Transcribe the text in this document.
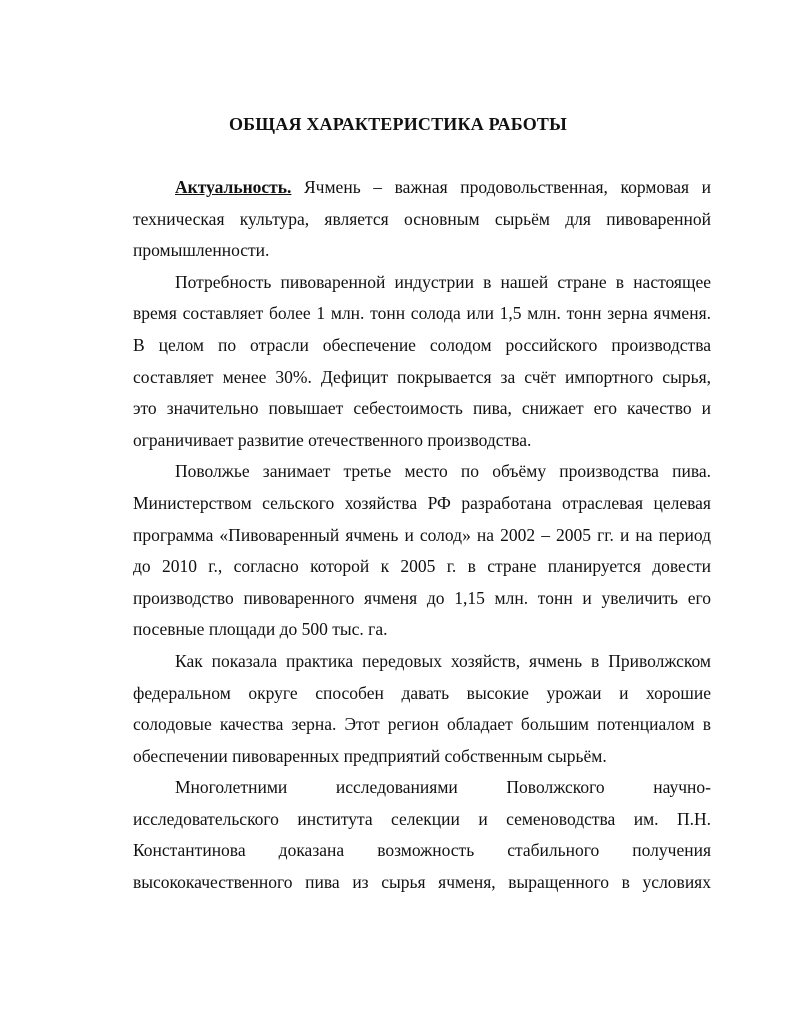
ОБЩАЯ ХАРАКТЕРИСТИКА РАБОТЫ
Актуальность. Ячмень – важная продовольственная, кормовая и
техническая культура, является основным сырьём для пивоваренной
промышленности.
Потребность пивоваренной индустрии в нашей стране в настоящее
время составляет более 1 млн. тонн солода или 1,5 млн. тонн зерна ячменя.
В целом по отрасли обеспечение солодом российского производства
составляет менее 30%. Дефицит покрывается за счёт импортного сырья,
это значительно повышает себестоимость пива, снижает его качество и
ограничивает развитие отечественного производства.
Поволжье занимает третье место по объёму производства пива.
Министерством сельского хозяйства РФ разработана отраслевая целевая
программа «Пивоваренный ячмень и солод» на 2002 – 2005 гг. и на период
до 2010 г., согласно которой к 2005 г. в стране планируется довести
производство пивоваренного ячменя до 1,15 млн. тонн и увеличить его
посевные площади до 500 тыс. га.
Как показала практика передовых хозяйств, ячмень в Приволжском
федеральном округе способен давать высокие урожаи и хорошие
солодовые качества зерна. Этот регион обладает большим потенциалом в
обеспечении пивоваренных предприятий собственным сырьём.
Многолетними исследованиями Поволжского научно-
исследовательского института селекции и семеноводства им. П.Н.
Константинова доказана возможность стабильного получения
высококачественного пива из сырья ячменя, выращенного в условиях
